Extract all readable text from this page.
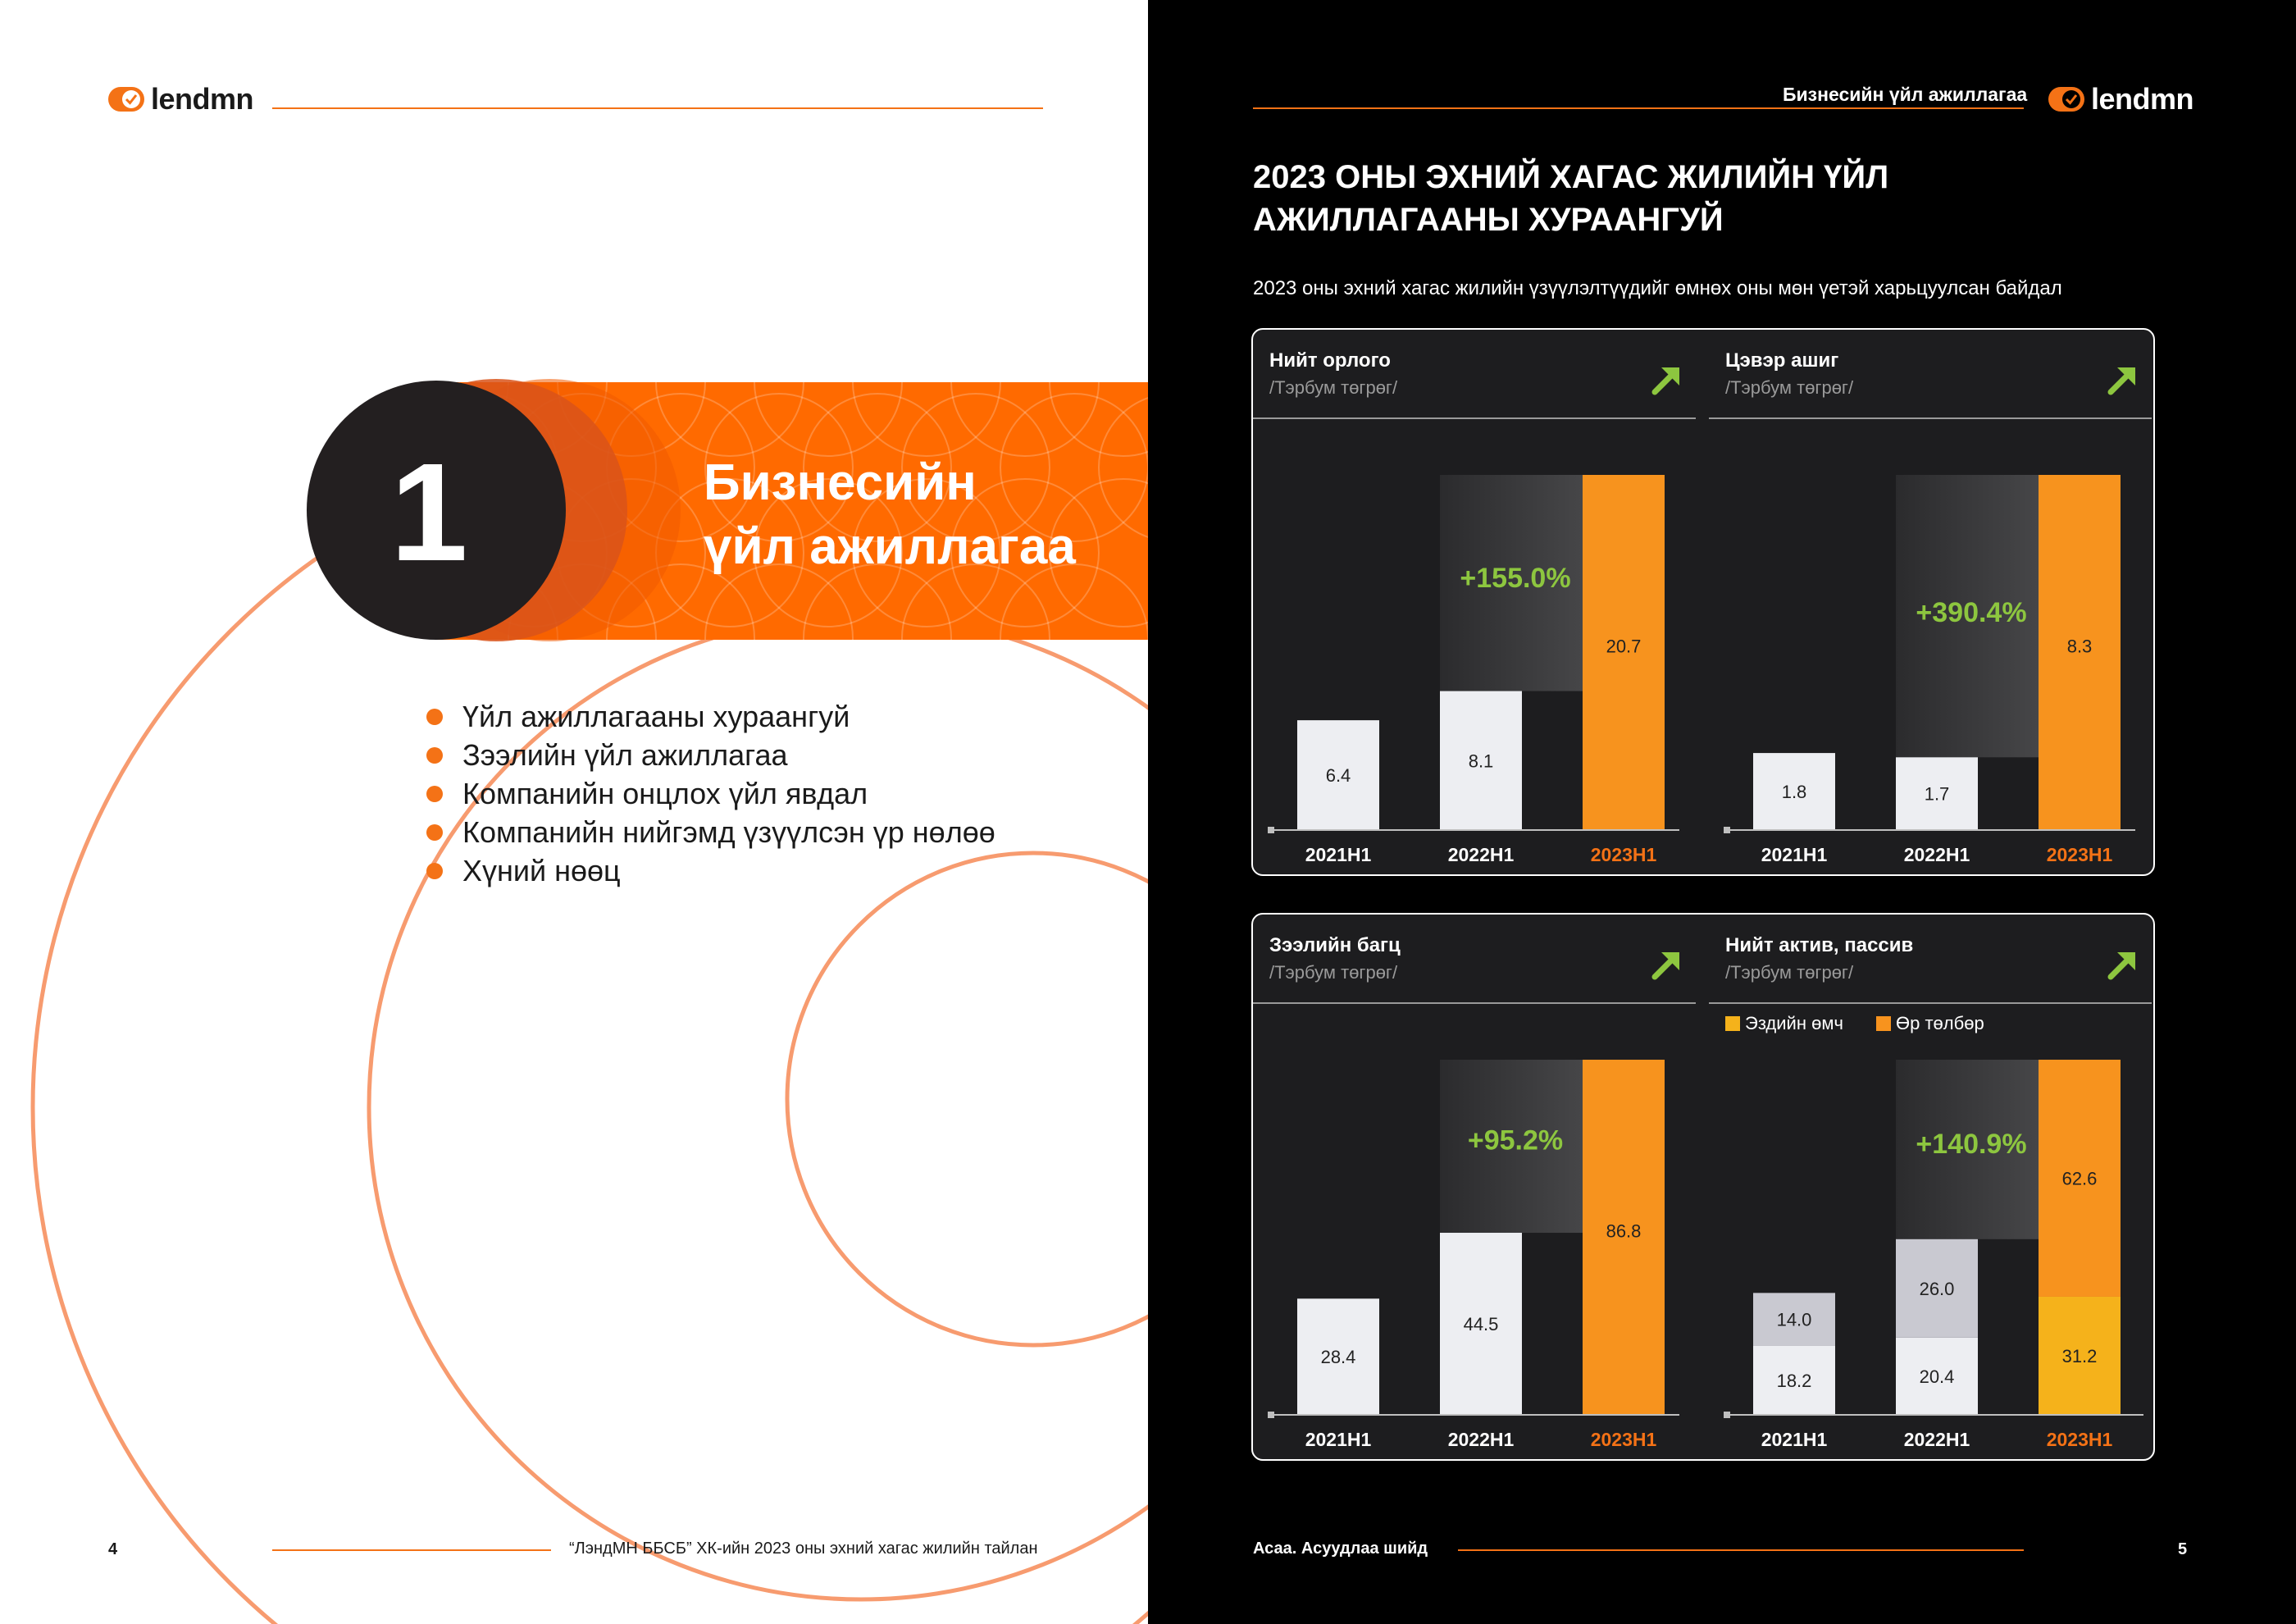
lendmn
1	Бизнесийн
үйл ажиллагаа
Үйл ажиллагааны хураангуй
Зээлийн үйл ажиллагаа
Компанийн онцлох үйл явдал
Компанийн нийгэмд үзүүлсэн үр нөлөө
Хүний нөөц
4	“ЛэндМН ББСБ” ХК-ийн 2023 оны эхний хагас жилийн тайлан
Бизнесийн үйл ажиллагаа lendmn
2023 ОНЫ ЭХНИЙ ХАГАС ЖИЛИЙН ҮЙЛ
АЖИЛЛАГААНЫ ХУРААНГУЙ
2023 оны эхний хагас жилийн үзүүлэлтүүдийг өмнөх оны мөн үетэй харьцуулсан байдал
Нийт орлого
/Тэрбум төгрөг/
6.4
2021H1
8.1
2022H1
20.7
2023H1
+155.0%
Цэвэр ашиг
/Тэрбум төгрөг/
1.8
2021H1
1.7
2022H1
8.3
2023H1
+390.4%
Зээлийн багц
/Тэрбум төгрөг/
28.4
2021H1
44.5
2022H1
86.8
2023H1
+95.2%
Нийт актив, пассив
/Тэрбум төгрөг/
Эздийн өмч	Өр төлбөр
18.2
14.0
2021H1
20.4
26.0
2022H1
31.2
62.6
2023H1
+140.9%
Асаа. Асуудлаа шийд	5
